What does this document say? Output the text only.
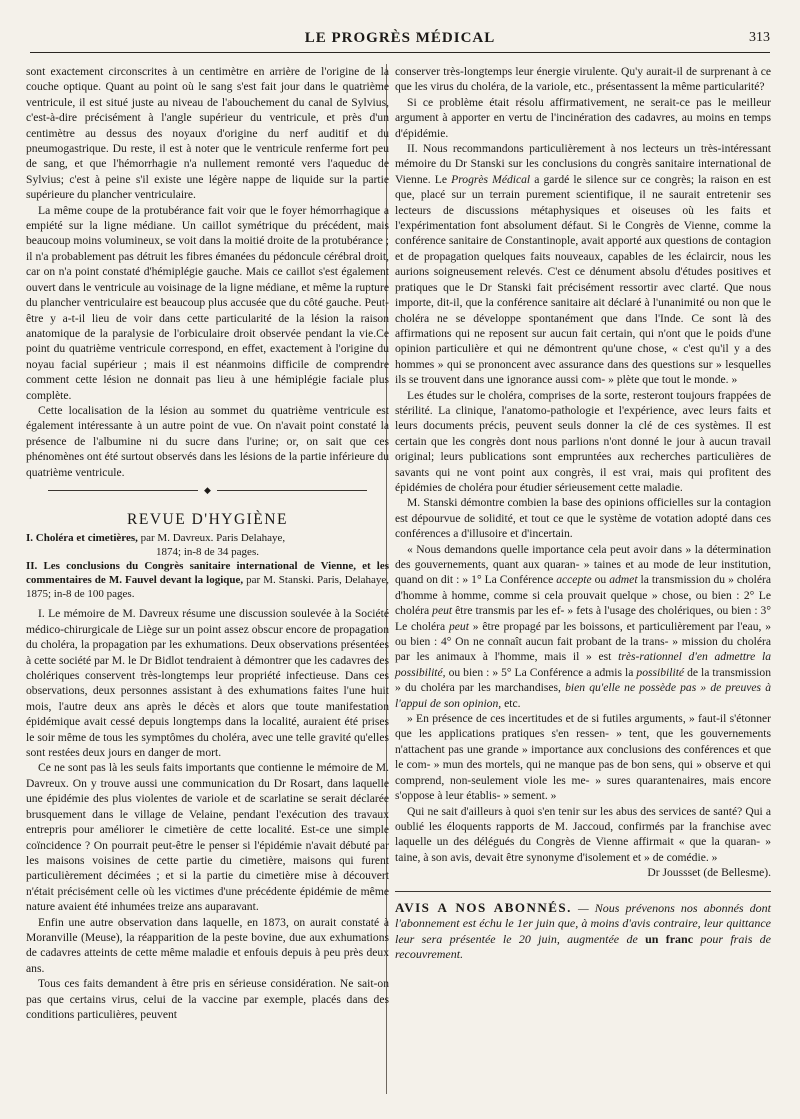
LE PROGRÈS MÉDICAL	313

sont exactement circonscrites à un centimètre en arrière de l'origine de la couche optique. Quant au point où le sang s'est fait jour dans le quatrième ventricule, il est situé juste au niveau de l'abouchement du canal de Sylvius, c'est-à-dire précisément à l'angle supérieur du ventricule, et près d'un centimètre au dessus des noyaux d'origine du nerf auditif et du pneumogastrique. Du reste, il est à noter que le ventricule renferme fort peu de sang, et que l'hémorrhagie n'a nullement remonté vers l'aqueduc de Sylvius; c'est à peine s'il existe une légère nappe de liquide sur la partie supérieure du plancher ventriculaire.

La même coupe de la protubérance fait voir que le foyer hémorrhagique a empiété sur la ligne médiane. Un caillot symétrique du précédent, mais beaucoup moins volumineux, se voit dans la moitié droite de la protubérance ; il n'a probablement pas détruit les fibres émanées du pédoncule cérébral droit, car on n'a point constaté d'hémiplégie gauche. Mais ce caillot s'est également ouvert dans le ventricule au voisinage de la ligne médiane, et même la rupture du plancher ventriculaire est beaucoup plus accusée que du côté gauche. Peut-être y a-t-il lieu de voir dans cette particularité de la lésion la raison anatomique de la paralysie de l'orbiculaire droit observée pendant la vie.Ce point du quatrième ventricule correspond, en effet, exactement à l'origine du noyau facial supérieur ; mais il est néanmoins difficile de comprendre comment cette lésion ne donnait pas lieu à une hémiplégie faciale plus complète.

Cette localisation de la lésion au sommet du quatrième ventricule est également intéressante à un autre point de vue. On n'avait point constaté la présence de l'albumine ni du sucre dans l'urine; or, on sait que ces phénomènes ont été surtout observés dans les lésions de la partie inférieure du quatrième ventricule.

◆
REVUE D'HYGIÈNE

I. Choléra et cimetières, par M. Davreux. Paris Delahaye,
1874; in-8 de 34 pages.

II. Les conclusions du Congrès sanitaire international de Vienne, et les commentaires de M. Fauvel devant la logique, par M. Stanski. Paris, Delahaye, 1875; in-8 de 100 pages.

I. Le mémoire de M. Davreux résume une discussion soulevée à la Société médico-chirurgicale de Liège sur un point assez obscur encore de propagation du choléra, la propagation par les exhumations. Deux observations présentées à cette société par M. le Dr Bidlot tendraient à démontrer que les cadavres des cholériques conservent très-longtemps leur propriété infectieuse. Dans ces observations, deux personnes assistant à des exhumations faites l'une huit mois, l'autre deux ans après le décès et alors que toute manifestation épidémique avait cessé depuis longtemps dans la localité, auraient été prises le soir même de tous les symptômes du choléra, avec une telle gravité qu'elles sont restées deux jours en danger de mort.

Ce ne sont pas là les seuls faits importants que contienne le mémoire de M. Davreux. On y trouve aussi une communication du Dr Rosart, dans laquelle une épidémie des plus violentes de variole et de scarlatine se serait déclarée brusquement dans le village de Velaine, pendant l'exécution des travaux entrepris pour améliorer le cimetière de cette localité. Est-ce une simple coïncidence ? On pourrait peut-être le penser si l'épidémie n'avait débuté par les maisons voisines de cette partie du cimetière, maisons qui furent particulièrement décimées ; et si la partie du cimetière mise à découvert n'était précisément celle où les victimes d'une précédente épidémie de même nature avaient été inhumées treize ans auparavant.

Enfin une autre observation dans laquelle, en 1873, on aurait constaté à Moranville (Meuse), la réapparition de la peste bovine, due aux exhumations de cadavres atteints de cette même maladie et enfouis depuis à peu près deux ans.

Tous ces faits demandent à être pris en sérieuse considération. Ne sait-on pas que certains virus, celui de la vaccine par exemple, placés dans des conditions particulières, peuvent

conserver très-longtemps leur énergie virulente. Qu'y aurait-il de surprenant à ce que les virus du choléra, de la variole, etc., présentassent la même particularité?

Si ce problème était résolu affirmativement, ne serait-ce pas le meilleur argument à apporter en vertu de l'incinération des cadavres, au moins en temps d'épidémie.

II. Nous recommandons particulièrement à nos lecteurs un très-intéressant mémoire du Dr Stanski sur les conclusions du congrès sanitaire international de Vienne. Le Progrès Médical a gardé le silence sur ce congrès; la raison en est que, placé sur un terrain purement scientifique, il ne saurait entretenir ses lecteurs de discussions métaphysiques et oiseuses où les faits et l'expérimentation font absolument défaut. Si le Congrès de Vienne, comme la conférence sanitaire de Constantinople, avait apporté aux questions de contagion et de propagation quelques faits nouveaux, capables de les éclaircir, nous les aurions soigneusement relevés. C'est ce dénument absolu d'études positives et pratiques que le Dr Stanski fait précisément ressortir avec clarté. Que nous importe, dit-il, que la conférence sanitaire ait déclaré à l'unanimité ou non que le choléra ne se développe spontanément que dans l'Inde. Ce sont là des affirmations qui ne reposent sur aucun fait certain, qui n'ont que le poids d'une opinion particulière et qui ne démontrent qu'une chose, « c'est qu'il y a des hommes » qui se prononcent avec assurance dans des questions sur » lesquelles ils se trouvent dans une ignorance aussi com- » plète que tout le monde. »

Les études sur le choléra, comprises de la sorte, resteront toujours frappées de stérilité. La clinique, l'anatomo-pathologie et l'expérience, avec leurs faits et leurs documents précis, peuvent seuls donner la clé de ces systèmes. Il est certain que les congrès dont nous parlions n'ont donné le jour à aucun travail original; leurs publications sont empruntées aux recherches particulières de savants qui ne vont point aux congrès, il est vrai, mais qui profitent des épidémies de choléra pour étudier sérieusement cette maladie.

M. Stanski démontre combien la base des opinions officielles sur la contagion est dépourvue de solidité, et tout ce que le système de votation adopté dans ces conférences a d'illusoire et d'incertain.

« Nous demandons quelle importance cela peut avoir dans » la détermination des gouvernements, quant aux quaran- » taines et au mode de leur institution, quand on dit : » 1° La Conférence accepte ou admet la transmission du » choléra d'homme à homme, comme si cela prouvait quelque » chose, ou bien : 2° Le choléra peut être transmis par les ef- » fets à l'usage des cholériques, ou bien : 3° Le choléra peut » être propagé par les boissons, et particulièrement par l'eau, » ou bien : 4° On ne connaît aucun fait probant de la trans- » mission du choléra par les animaux à l'homme, mais il » est très-rationnel d'en admettre la possibilité, ou bien : » 5° La Conférence a admis la possibilité de la transmission » du choléra par les marchandises, bien qu'elle ne possède pas » de preuves à l'appui de son opinion, etc.

» En présence de ces incertitudes et de si futiles arguments, » faut-il s'étonner que les applications pratiques s'en ressen- » tent, que les gouvernements n'attachent pas une grande » importance aux conclusions des conférences et que le com- » mun des mortels, qui ne manque pas de bon sens, qui » observe et qui comprend, non-seulement viole les me- » sures quarantenaires, mais encore s'oppose à leur établis- » sement. »

Qui ne sait d'ailleurs à quoi s'en tenir sur les abus des services de santé? Qui a oublié les éloquents rapports de M. Jaccoud, confirmés par la franchise avec laquelle un des délégués du Congrès de Vienne affirmait « que la quaran- » taine, à son avis, devait être synonyme d'isolement et » de comédie. »

Dr Joussset (de Bellesme).
AVIS A NOS ABONNÉS. — Nous prévenons nos abonnés dont l'abonnement est échu le 1er juin que, à moins d'avis contraire, leur quittance leur sera présentée le 20 juin, augmentée de un franc pour frais de recouvrement.
